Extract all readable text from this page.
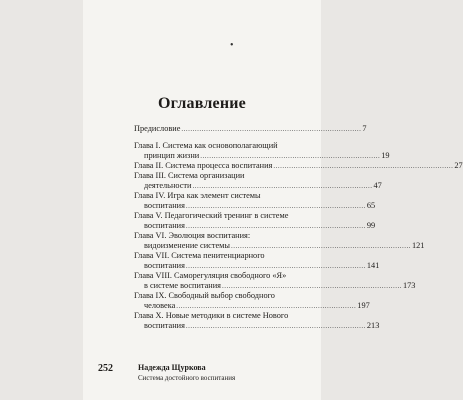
•
Оглавление
Предисловие ................................................................................ 7
Глава I. Система как основополагающий
принцип жизни ................................................................................ 19
Глава II. Система процесса воспитания ................................................................................ 27
Глава III. Система организации
деятельности ................................................................................ 47
Глава IV. Игра как элемент системы
воспитания ................................................................................ 65
Глава V. Педагогический тренинг в системе
воспитания ................................................................................ 99
Глава VI. Эволюция воспитания:
видоизменение системы ................................................................................ 121
Глава VII. Система пенитенциарного
воспитания ................................................................................ 141
Глава VIII. Саморегуляция свободного «Я»
в системе воспитания ................................................................................ 173
Глава IX. Свободный выбор свободного
человека ................................................................................ 197
Глава X. Новые методики в системе Нового
воспитания ................................................................................ 213
252	Надежда Щуркова
Система достойного воспитания
